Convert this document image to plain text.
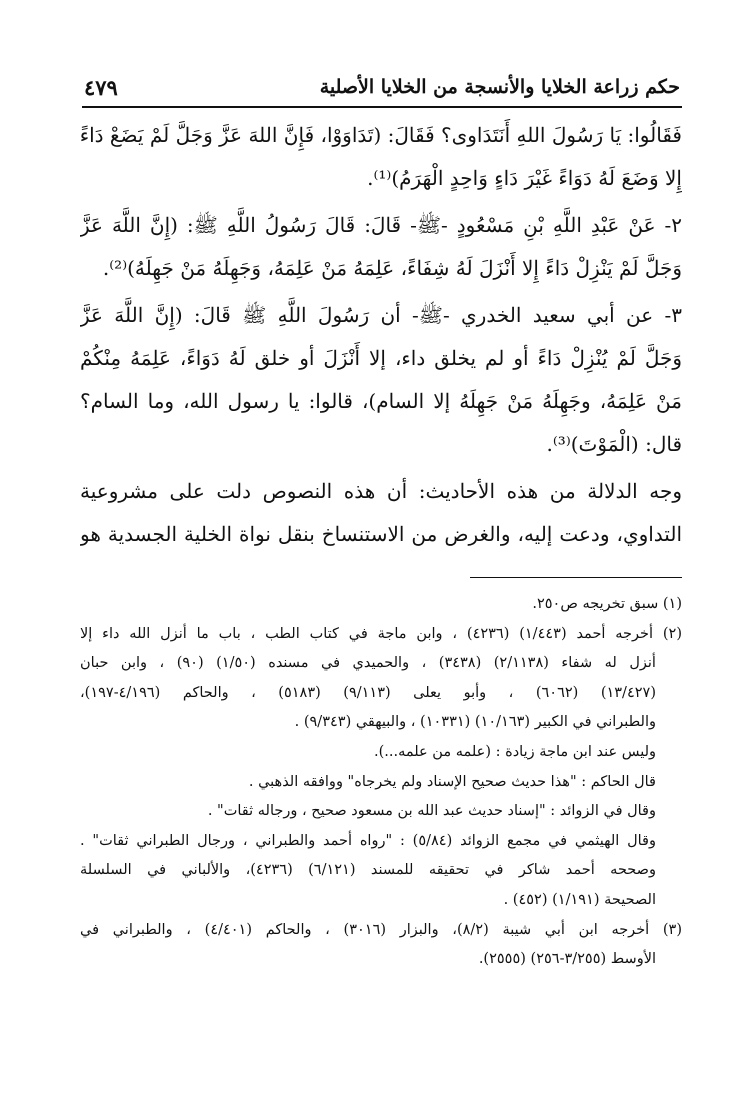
حكم زراعة الخلايا والأنسجة من الخلايا الأصلية
٤٧٩
فَقَالُوا: يَا رَسُولَ اللهِ أَنَتَدَاوى؟ فَقَالَ: (تَدَاوَوْا، فَإِنَّ اللهَ عَزَّ وَجَلَّ لَمْ يَضَعْ دَاءً
إِلا وَضَعَ لَهُ دَوَاءً غَيْرَ دَاءٍ وَاحِدٍ الْهَرَمُ)⁽¹⁾.
٢- عَنْ عَبْدِ اللَّهِ بْنِ مَسْعُودٍ -ﷺ- قَالَ: قَالَ رَسُولُ اللَّهِ ﷺ: (إِنَّ اللَّهَ عَزَّ
وَجَلَّ لَمْ يَنْزِلْ دَاءً إِلا أَنْزَلَ لَهُ شِفَاءً، عَلِمَهُ مَنْ عَلِمَهُ، وَجَهِلَهُ مَنْ جَهِلَهُ)⁽²⁾.
٣- عن أبي سعيد الخدري -ﷺ- أن رَسُولَ اللَّهِ ﷺ قَالَ: (إِنَّ اللَّهَ عَزَّ
وَجَلَّ لَمْ يُنْزِلْ دَاءً أو لم يخلق داء، إلا أَنْزَلَ أو خلق لَهُ دَوَاءً، عَلِمَهُ مِنْكُمْ
مَنْ عَلِمَهُ، وجَهِلَهُ مَنْ جَهِلَهُ إلا السام)، قالوا: يا رسول الله، وما السام؟
قال: (الْمَوْتَ)⁽³⁾.
وجه الدلالة من هذه الأحاديث: أن هذه النصوص دلت على مشروعية
التداوي، ودعت إليه، والغرض من الاستنساخ بنقل نواة الخلية الجسدية هو
(١) سبق تخريجه ص٢٥٠.
(٢) أخرجه أحمد (١/٤٤٣) (٤٢٣٦) ، وابن ماجة في كتاب الطب ، باب ما أنزل الله داء إلا
أنزل له شفاء (٢/١١٣٨) (٣٤٣٨) ، والحميدي في مسنده (١/٥٠) (٩٠) ، وابن حبان
(١٣/٤٢٧) (٦٠٦٢) ، وأبو يعلى (٩/١١٣) (٥١٨٣) ، والحاكم (٤/١٩٦-١٩٧)،
والطبراني في الكبير (١٠/١٦٣) (١٠٣٣١) ، والبيهقي (٩/٣٤٣) .
وليس عند ابن ماجة زيادة : (علمه من علمه...).
قال الحاكم : "هذا حديث صحيح الإسناد ولم يخرجاه" ووافقه الذهبي .
وقال في الزوائد : "إسناد حديث عبد الله بن مسعود صحيح ، ورجاله ثقات" .
وقال الهيثمي في مجمع الزوائد (٥/٨٤) : "رواه أحمد والطبراني ، ورجال الطبراني ثقات" .
وصححه أحمد شاكر في تحقيقه للمسند (٦/١٢١) (٤٢٣٦)، والألباني في السلسلة
الصحيحة (١/١٩١) (٤٥٢) .
(٣) أخرجه ابن أبي شيبة (٨/٢)، والبزار (٣٠١٦) ، والحاكم (٤/٤٠١) ، والطبراني في
الأوسط (٣/٢٥٥-٢٥٦) (٢٥٥٥).
